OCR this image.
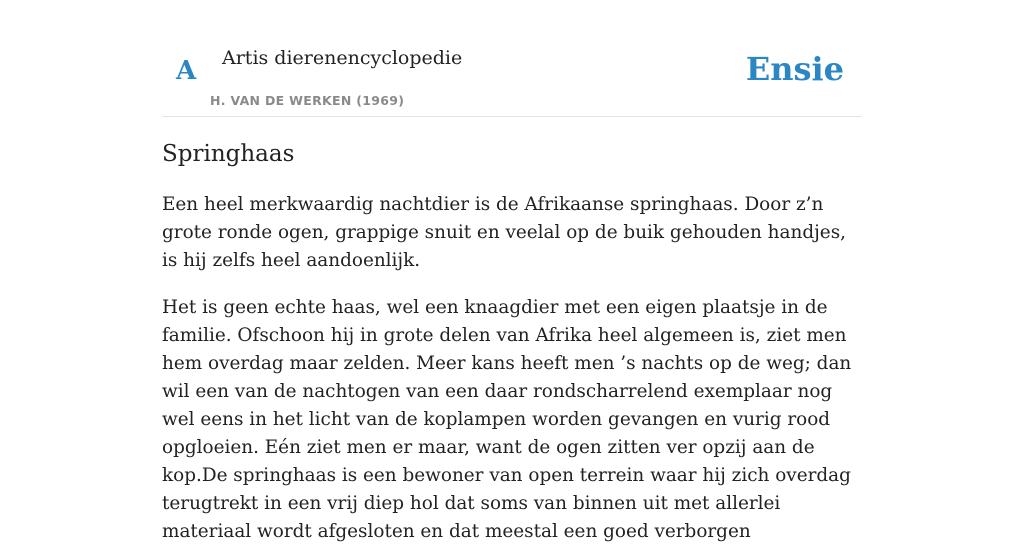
A Artis dierenencyclopedie
H. VAN DE WERKEN (1969)
Ensie
Springhaas

Een heel merkwaardig nachtdier is de Afrikaanse springhaas. Door z’n grote ronde ogen, grappige snuit en veelal op de buik gehouden handjes, is hij zelfs heel aandoenlijk.

Het is geen echte haas, wel een knaagdier met een eigen plaatsje in de familie. Ofschoon hij in grote delen van Afrika heel algemeen is, ziet men hem overdag maar zelden. Meer kans heeft men ’s nachts op de weg; dan wil een van de nachtogen van een daar rondscharrelend exemplaar nog wel eens in het licht van de koplampen worden gevangen en vurig rood opgloeien. Eén ziet men er maar, want de ogen zitten ver opzij aan de kop.De springhaas is een bewoner van open terrein waar hij zich overdag terugtrekt in een vrij diep hol dat soms van binnen uit met allerlei materiaal wordt afgesloten en dat meestal een goed verborgen
